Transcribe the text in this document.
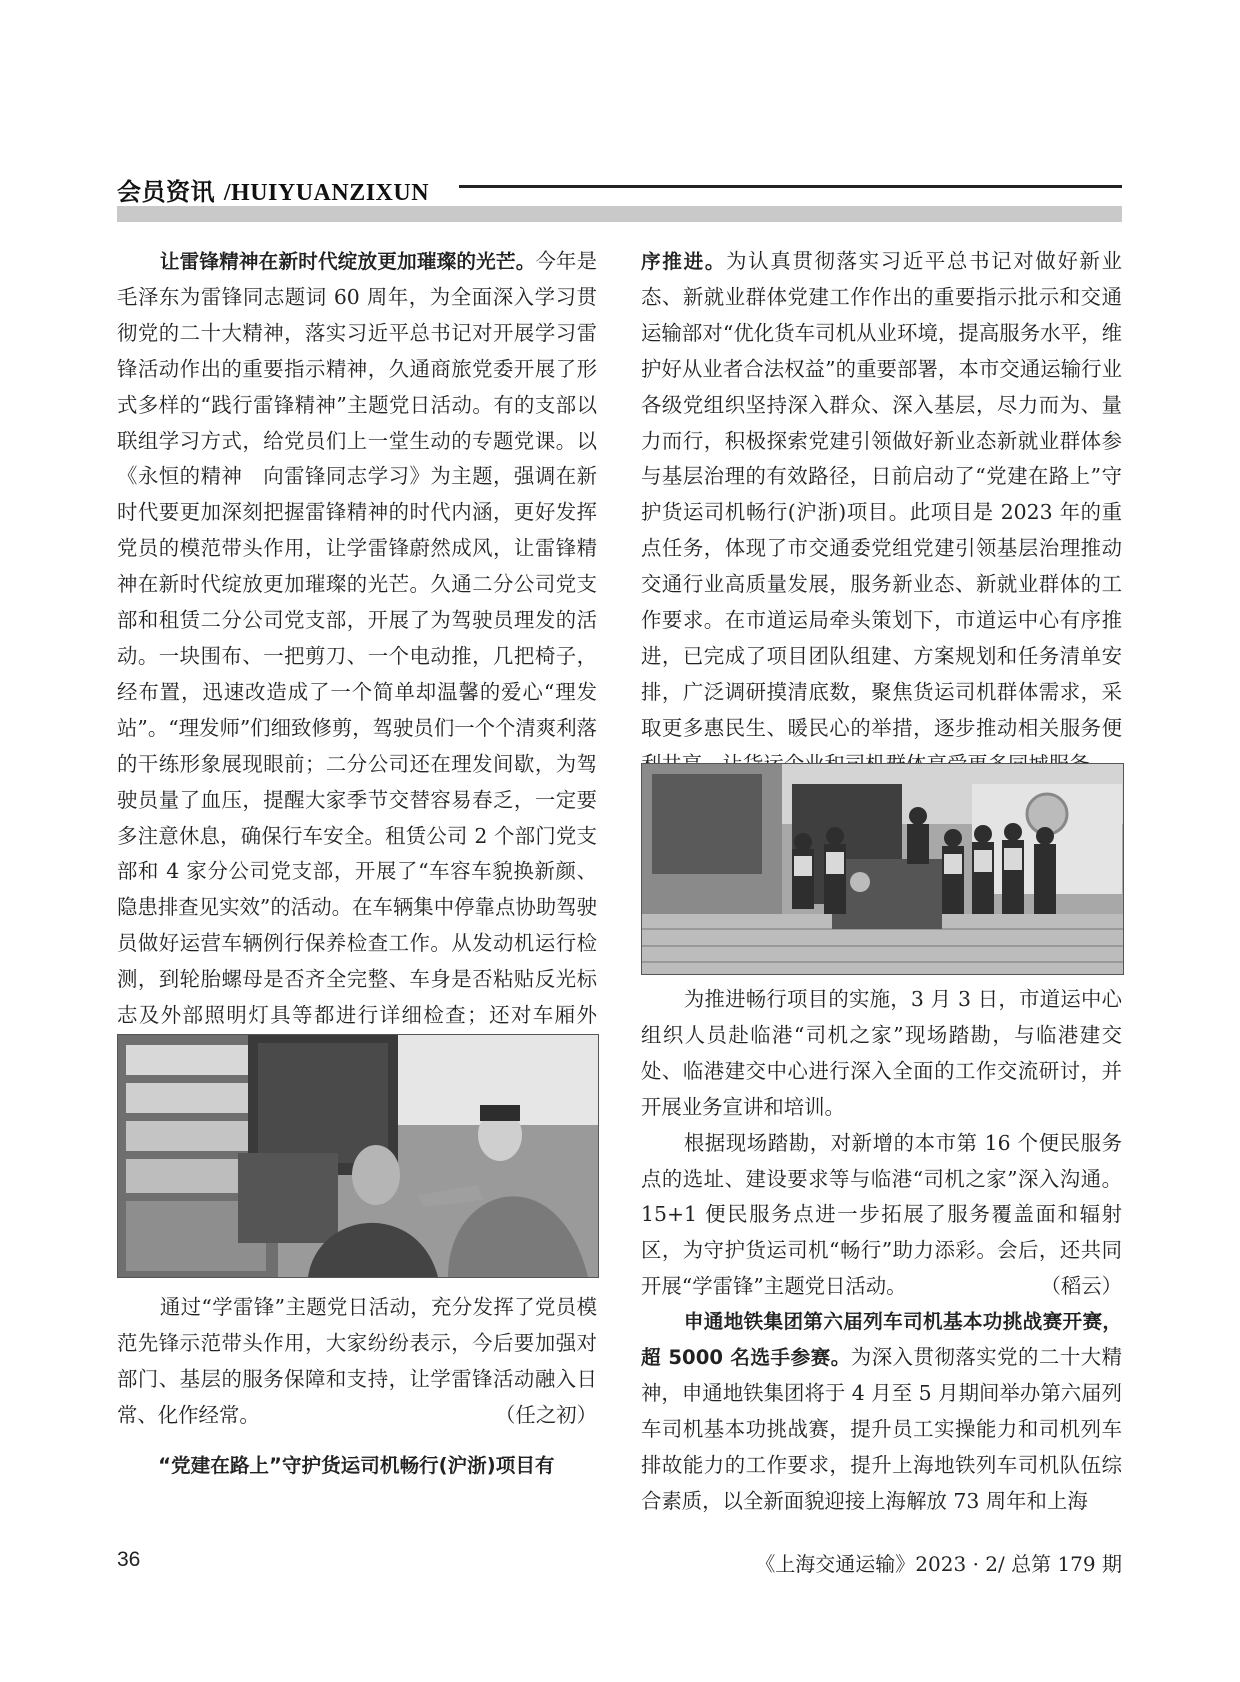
会员资讯 /HUIYUANZIXUN

让雷锋精神在新时代绽放更加璀璨的光芒。今年是毛泽东为雷锋同志题词 60 周年，为全面深入学习贯彻党的二十大精神，落实习近平总书记对开展学习雷锋活动作出的重要指示精神，久通商旅党委开展了形式多样的“践行雷锋精神”主题党日活动。有的支部以联组学习方式，给党员们上一堂生动的专题党课。以《永恒的精神　向雷锋同志学习》为主题，强调在新时代要更加深刻把握雷锋精神的时代内涵，更好发挥党员的模范带头作用，让学雷锋蔚然成风，让雷锋精神在新时代绽放更加璀璨的光芒。久通二分公司党支部和租赁二分公司党支部，开展了为驾驶员理发的活动。一块围布、一把剪刀、一个电动推，几把椅子，经布置，迅速改造成了一个简单却温馨的爱心“理发站”。“理发师”们细致修剪，驾驶员们一个个清爽利落的干练形象展现眼前；二分公司还在理发间歇，为驾驶员量了血压，提醒大家季节交替容易春乏，一定要多注意休息，确保行车安全。租赁公司 2 个部门党支部和 4 家分公司党支部，开展了“车容车貌换新颜、隐患排查见实效”的活动。在车辆集中停靠点协助驾驶员做好运营车辆例行保养检查工作。从发动机运行检测，到轮胎螺母是否齐全完整、车身是否粘贴反光标志及外部照明灯具等都进行详细检查；还对车厢外

通过“学雷锋”主题党日活动，充分发挥了党员模范先锋示范带头作用，大家纷纷表示，今后要加强对部门、基层的服务保障和支持，让学雷锋活动融入日常、化作经常。	（任之初）

“党建在路上”守护货运司机畅行(沪浙)项目有

序推进。为认真贯彻落实习近平总书记对做好新业态、新就业群体党建工作作出的重要指示批示和交通运输部对“优化货车司机从业环境，提高服务水平，维护好从业者合法权益”的重要部署，本市交通运输行业各级党组织坚持深入群众、深入基层，尽力而为、量力而行，积极探索党建引领做好新业态新就业群体参与基层治理的有效路径，日前启动了“党建在路上”守护货运司机畅行(沪浙)项目。此项目是 2023 年的重点任务，体现了市交通委党组党建引领基层治理推动交通行业高质量发展，服务新业态、新就业群体的工作要求。在市道运局牵头策划下，市道运中心有序推进，已完成了项目团队组建、方案规划和任务清单安排，广泛调研摸清底数，聚焦货运司机群体需求，采取更多惠民生、暖民心的举措，逐步推动相关服务便

为推进畅行项目的实施，3 月 3 日，市道运中心组织人员赴临港“司机之家”现场踏勘，与临港建交处、临港建交中心进行深入全面的工作交流研讨，并开展业务宣讲和培训。

根据现场踏勘，对新增的本市第 16 个便民服务点的选址、建设要求等与临港“司机之家”深入沟通。15+1 便民服务点进一步拓展了服务覆盖面和辐射区，为守护货运司机“畅行”助力添彩。会后，还共同开展“学雷锋”主题党日活动。	（稻云）

申通地铁集团第六届列车司机基本功挑战赛开赛，超 5000 名选手参赛。为深入贯彻落实党的二十大精神，申通地铁集团将于 4 月至 5 月期间举办第六届列车司机基本功挑战赛，提升员工实操能力和司机列车排故能力的工作要求，提升上海地铁列车司机队伍综合素质，以全新面貌迎接上海解放 73 周年和上海

36	《上海交通运输》2023 · 2/ 总第 179 期
